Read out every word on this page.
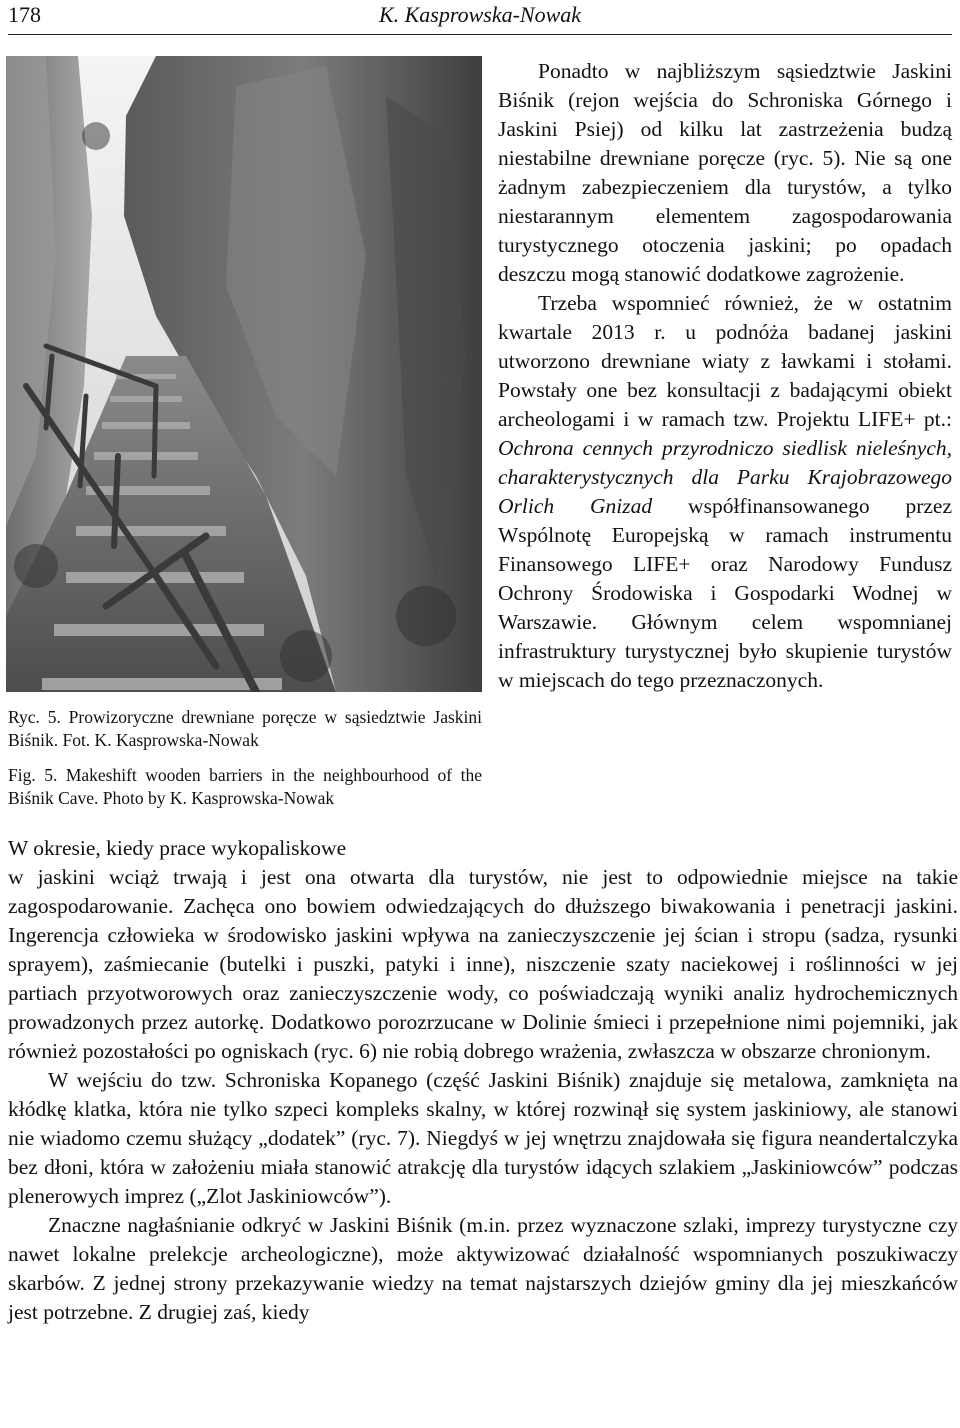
178	K. Kasprowska-Nowak

Ryc. 5. Prowizoryczne drewniane poręcze w sąsiedztwie Jaskini Biśnik. Fot. K. Kasprowska-Nowak

Fig. 5. Makeshift wooden barriers in the neighbourhood of the Biśnik Cave. Photo by K. Kasprowska-Nowak

Ponadto w najbliższym sąsiedztwie Jaskini Biśnik (rejon wejścia do Schroniska Górnego i Jaskini Psiej) od kilku lat zastrzeżenia budzą niestabilne drewniane poręcze (ryc. 5). Nie są one żadnym zabezpieczeniem dla turystów, a tylko niestarannym elementem zagospodarowania turystycznego otoczenia jaskini; po opadach deszczu mogą stanowić dodatkowe zagrożenie.

Trzeba wspomnieć również, że w ostatnim kwartale 2013 r. u podnóża badanej jaskini utworzono drewniane wiaty z ławkami i stołami. Powstały one bez konsultacji z badającymi obiekt archeologami i w ramach tzw. Projektu LIFE+ pt.: Ochrona cennych przyrodniczo siedlisk nieleśnych, charakterystycznych dla Parku Krajobrazowego Orlich Gnizad współfinansowanego przez Wspólnotę Europejską w ramach instrumentu Finansowego LIFE+ oraz Narodowy Fundusz Ochrony Środowiska i Gospodarki Wodnej w Warszawie. Głównym celem wspomnianej infrastruktury turystycznej było skupienie turystów w miejscach do tego przeznaczonych.

W okresie, kiedy prace wykopaliskowe

w jaskini wciąż trwają i jest ona otwarta dla turystów, nie jest to odpowiednie miejsce na takie zagospodarowanie. Zachęca ono bowiem odwiedzających do dłuższego biwakowania i penetracji jaskini. Ingerencja człowieka w środowisko jaskini wpływa na zanieczyszczenie jej ścian i stropu (sadza, rysunki sprayem), zaśmiecanie (butelki i puszki, patyki i inne), niszczenie szaty naciekowej i roślinności w jej partiach przyotworowych oraz zanieczyszczenie wody, co poświadczają wyniki analiz hydrochemicznych prowadzonych przez autorkę. Dodatkowo porozrzucane w Dolinie śmieci i przepełnione nimi pojemniki, jak również pozostałości po ogniskach (ryc. 6) nie robią dobrego wrażenia, zwłaszcza w obszarze chronionym.

W wejściu do tzw. Schroniska Kopanego (część Jaskini Biśnik) znajduje się metalowa, zamknięta na kłódkę klatka, która nie tylko szpeci kompleks skalny, w której rozwinął się system jaskiniowy, ale stanowi nie wiadomo czemu służący „dodatek” (ryc. 7). Niegdyś w jej wnętrzu znajdowała się figura neandertalczyka bez dłoni, która w założeniu miała stanowić atrakcję dla turystów idących szlakiem „Jaskiniowców” podczas plenerowych imprez („Zlot Jaskiniowców”).

Znaczne nagłaśnianie odkryć w Jaskini Biśnik (m.in. przez wyznaczone szlaki, imprezy turystyczne czy nawet lokalne prelekcje archeologiczne), może aktywizować działalność wspomnianych poszukiwaczy skarbów. Z jednej strony przekazywanie wiedzy na temat najstarszych dziejów gminy dla jej mieszkańców jest potrzebne. Z drugiej zaś, kiedy
